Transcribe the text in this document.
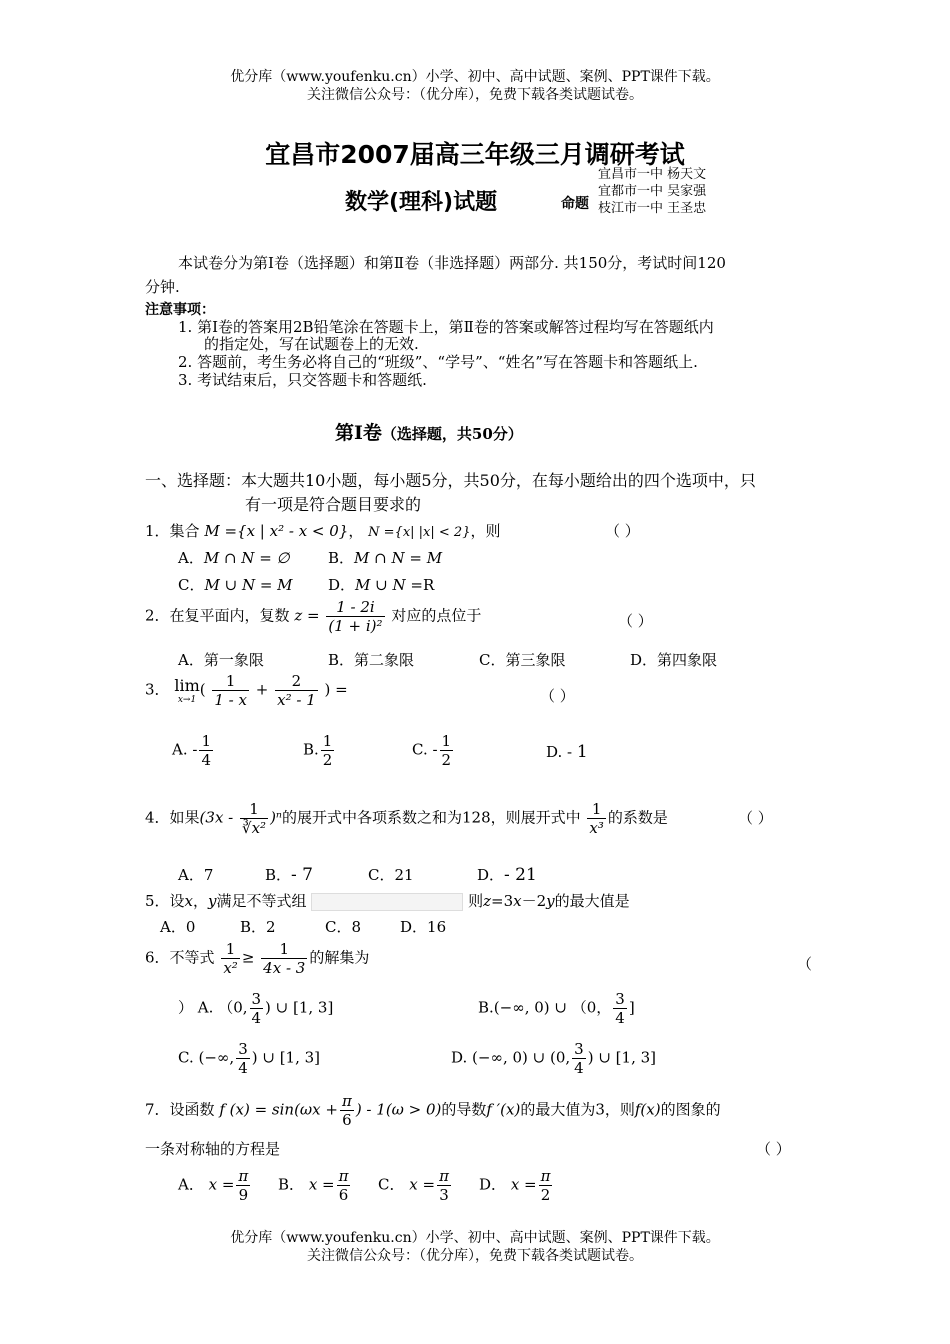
优分库（www.youfenku.cn）小学、初中、高中试题、案例、PPT课件下载。
关注微信公众号：（优分库），免费下载各类试题试卷。
宜昌市2007届高三年级三月调研考试
数学(理科)试题	命题
宜昌市一中 杨天文
宜都市一中 吴家强
枝江市一中 王圣忠
本试卷分为第Ⅰ卷（选择题）和第Ⅱ卷（非选择题）两部分. 共150分，考试时间120
分钟.
注意事项：
1. 第Ⅰ卷的答案用2B铅笔涂在答题卡上，第Ⅱ卷的答案或解答过程均写在答题纸内
的指定处，写在试题卷上的无效.
2. 答题前，考生务必将自己的“班级”、“学号”、“姓名”写在答题卡和答题纸上.
3. 考试结束后，只交答题卡和答题纸.
第Ⅰ卷（选择题，共50分）
一、选择题：本大题共10小题，每小题5分，共50分，在每小题给出的四个选项中，只
有一项是符合题目要求的
1．集合 M ={x | x² - x < 0}， N ={x| |x| < 2}，则	（ ）
A．M ∩ N = ∅	B．M ∩ N = M
C．M ∪ N = M D．M ∪ N =R
2．在复平面内，复数 $z = \frac{1 - 2i}{\text{(1 + i)²}}$ 对应的点位于	（ ）
A．第一象限	B．第二象限	C．第三象限	D．第四象限
3． lim
x→1
( $\frac{1}{1 - x} + \frac{2}{\text{x² - 1}}$ ) =	（ ）
A. - $\frac{1}{4}$	B. $\frac{1}{2}$	C. - $\frac{1}{2}$	D. - 1
4．如果$(3x - \frac{1}{\text{∛x²}} )^n$的展开式中各项系数之和为128，则展开式中 $\frac{1}{\text{x³}}$ 的系数是	（ ）
A．7	B．- 7	C．21	D．- 21
5．设x，y满足不等式组	则z=3x－2y的最大值是
A．0	B．2	C．8	D．16
6．不等式 $\frac{1}{\text{x²}} \ge \frac{1}{4x - 3}$ 的解集为	（
） A. （0, $\frac{3}{4}$ ) ∪ [1, 3]	B.(−∞, 0) ∪ （0， $\frac{3}{4}$ ]
C. (−∞, $\frac{3}{4}$ ) ∪ [1, 3]	D. (−∞, 0) ∪ (0, $\frac{3}{4}$ ) ∪ [1, 3]
7．设函数 f $(x) = \sin(\omega x + \frac{\pi}{6}$ ) - 1(ω > 0)的导数f ′(x)的最大值为3，则f(x)的图象的
一条对称轴的方程是	（ ）
A． $x = \frac{\pi}{9}$ B． $x = \frac{\pi}{6}$ C． $x = \frac{\pi}{3}$ D． $x = \frac{\pi}{2}$
优分库（www.youfenku.cn）小学、初中、高中试题、案例、PPT课件下载。
关注微信公众号：（优分库），免费下载各类试题试卷。
